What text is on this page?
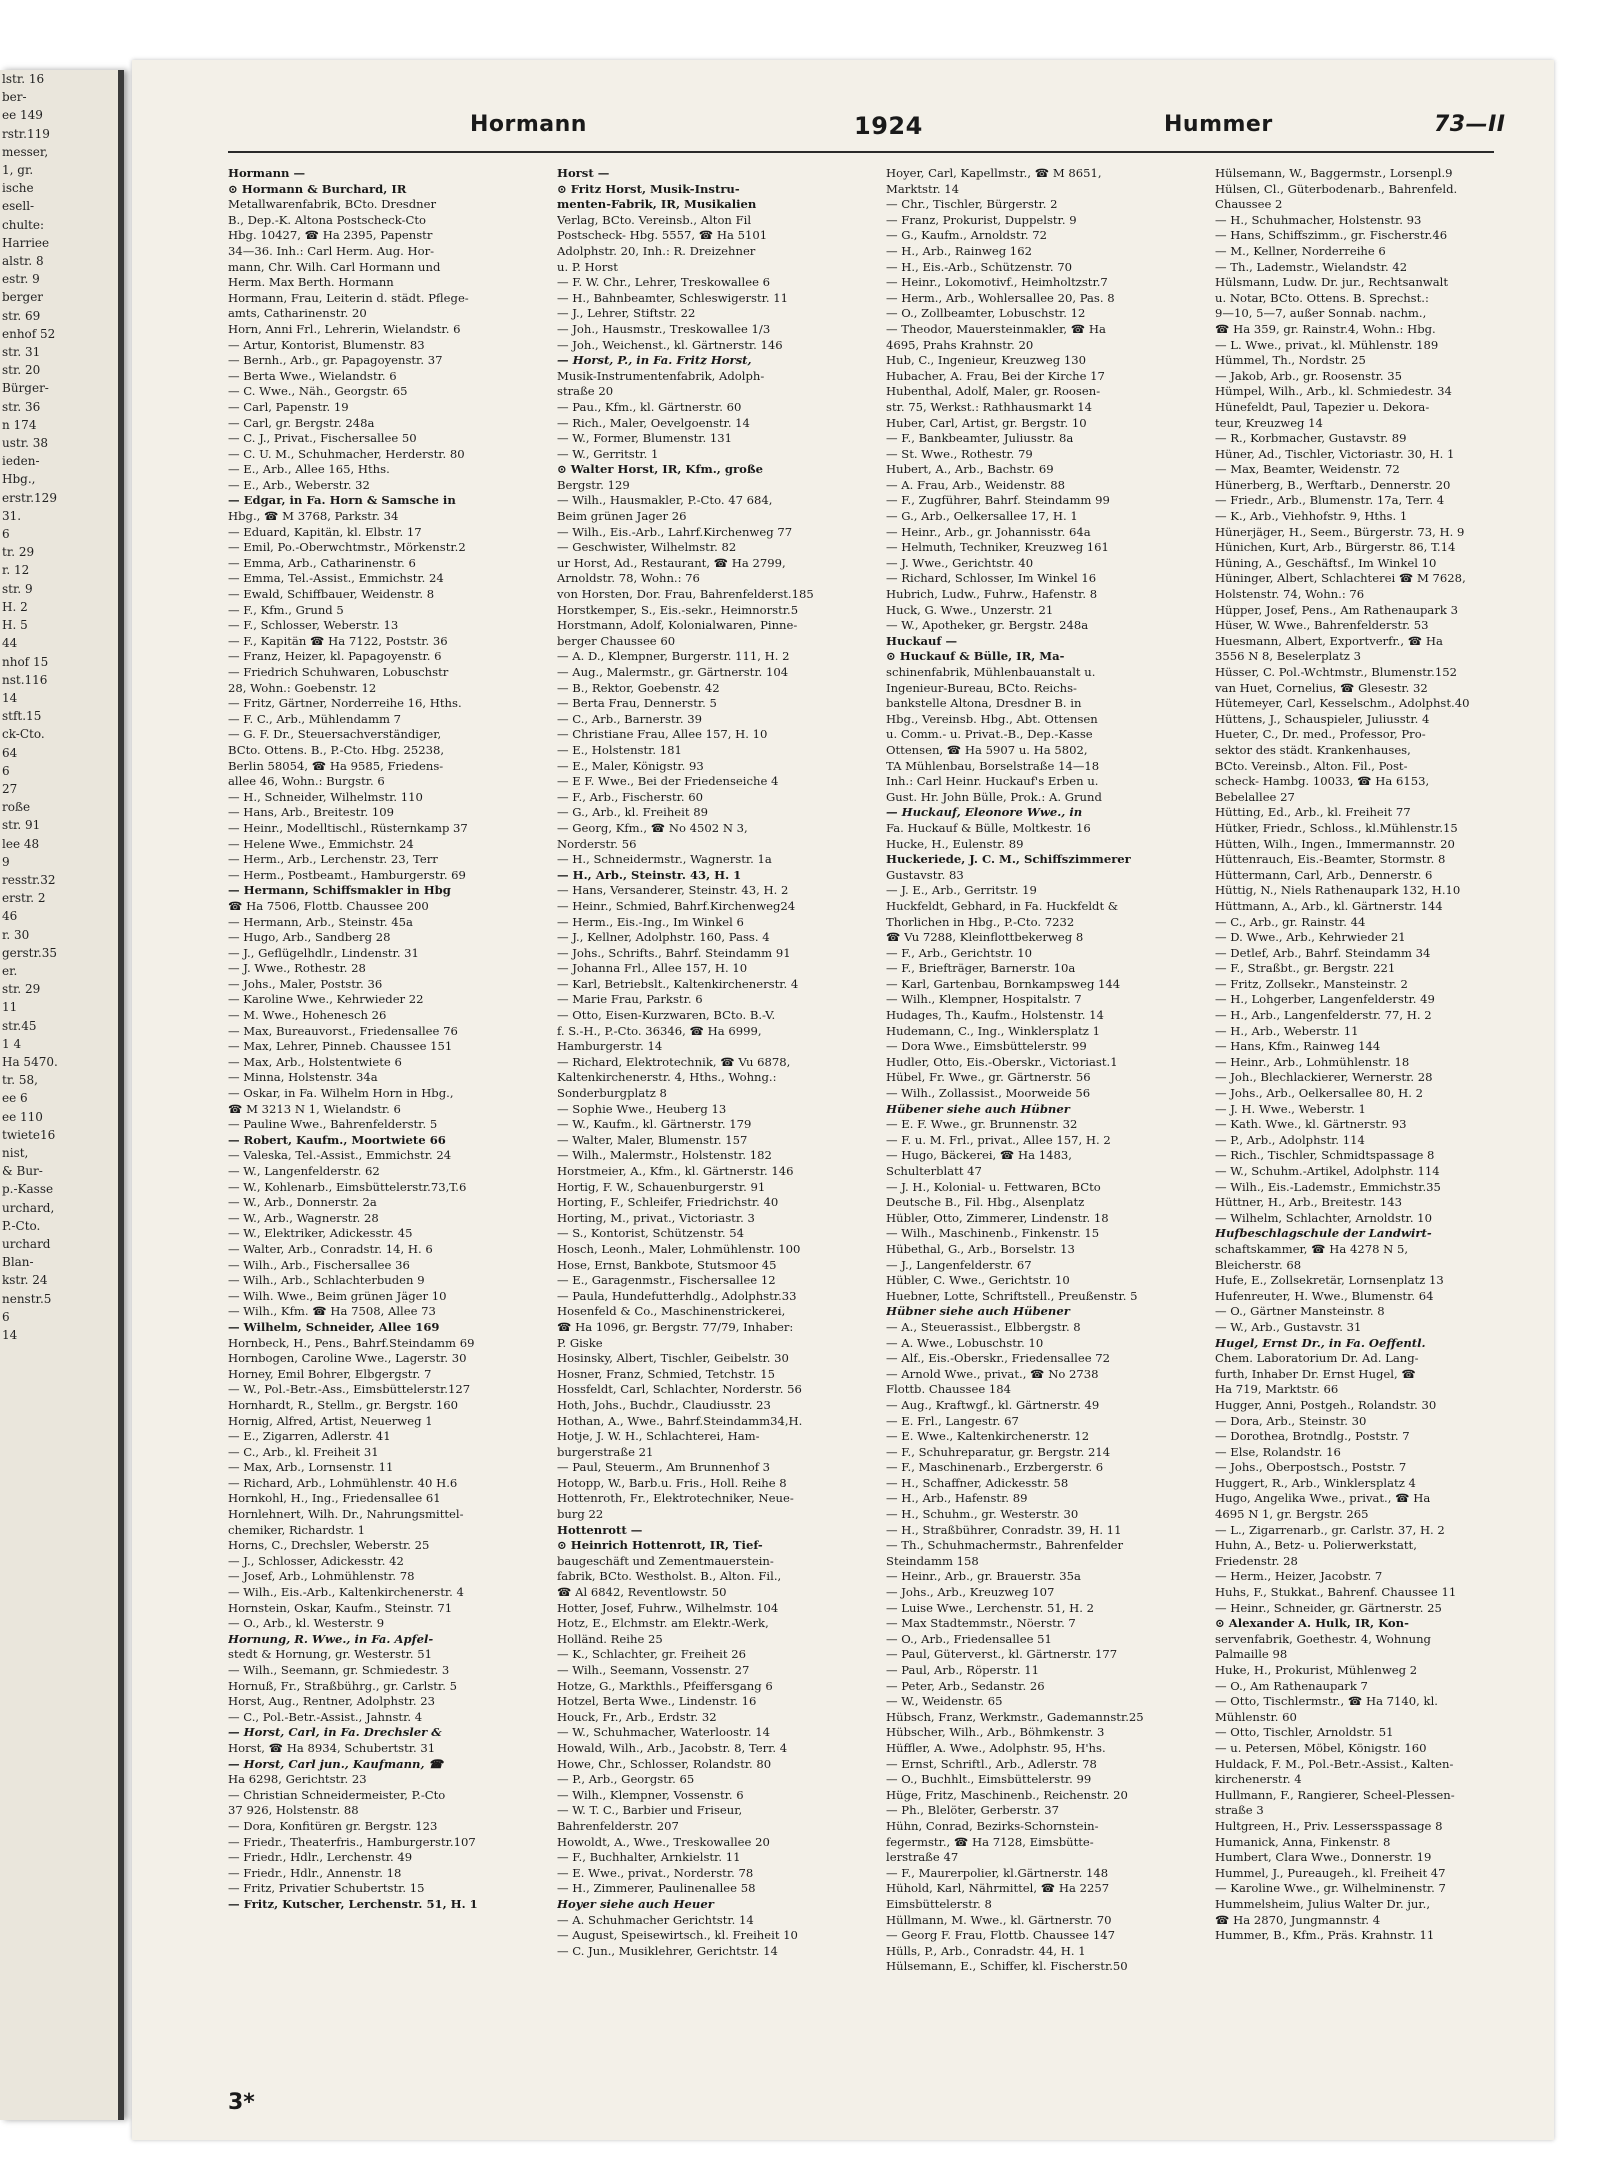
lstr. 16
ber-
ee 149
rstr.119
messer,
1, gr.
ische
esell-
chulte:
Harriee
alstr. 8
estr. 9
berger
str. 69
enhof 52
str. 31
str. 20
Bürger-
str. 36
n 174
ustr. 38
ieden-
Hbg.,
erstr.129
31.
6
tr. 29
r. 12
str. 9
H. 2
H. 5
44
nhof 15
nst.116
14
stft.15
ck-Cto.
64
6
27
roße
str. 91
lee 48
9
resstr.32
erstr. 2
46
r. 30
gerstr.35
er.
str. 29
11
str.45
1 4
Ha 5470.
tr. 58,
ee 6
ee 110
twiete16
nist,
& Bur-
p.-Kasse
urchard,
P.-Cto.
urchard
Blan-
kstr. 24
nenstr.5
6
14
Hormann	1924	Hummer	73—II
Hormann —
⊙ Hormann & Burchard, IR
Metallwarenfabrik, BCto. Dresdner
B., Dep.-K. Altona Postscheck-Cto
Hbg. 10427, ☎ Ha 2395, Papenstr
34—36. Inh.: Carl Herm. Aug. Hor-
mann, Chr. Wilh. Carl Hormann und
Herm. Max Berth. Hormann
Hormann, Frau, Leiterin d. städt. Pflege-
amts, Catharinenstr. 20
Horn, Anni Frl., Lehrerin, Wielandstr. 6
— Artur, Kontorist, Blumenstr. 83
— Bernh., Arb., gr. Papagoyenstr. 37
— Berta Wwe., Wielandstr. 6
— C. Wwe., Näh., Georgstr. 65
— Carl, Papenstr. 19
— Carl, gr. Bergstr. 248a
— C. J., Privat., Fischersallee 50
— C. U. M., Schuhmacher, Herderstr. 80
— E., Arb., Allee 165, Hths.
— E., Arb., Weberstr. 32
— Edgar, in Fa. Horn & Samsche in
Hbg., ☎ M 3768, Parkstr. 34
— Eduard, Kapitän, kl. Elbstr. 17
— Emil, Po.-Oberwchtmstr., Mörkenstr.2
— Emma, Arb., Catharinenstr. 6
— Emma, Tel.-Assist., Emmichstr. 24
— Ewald, Schiffbauer, Weidenstr. 8
— F., Kfm., Grund 5
— F., Schlosser, Weberstr. 13
— F., Kapitän ☎ Ha 7122, Poststr. 36
— Franz, Heizer, kl. Papagoyenstr. 6
— Friedrich Schuhwaren, Lobuschstr
28, Wohn.: Goebenstr. 12
— Fritz, Gärtner, Norderreihe 16, Hths.
— F. C., Arb., Mühlendamm 7
— G. F. Dr., Steuersachverständiger,
BCto. Ottens. B., P.-Cto. Hbg. 25238,
Berlin 58054, ☎ Ha 9585, Friedens-
allee 46, Wohn.: Burgstr. 6
— H., Schneider, Wilhelmstr. 110
— Hans, Arb., Breitestr. 109
— Heinr., Modelltischl., Rüsternkamp 37
— Helene Wwe., Emmichstr. 24
— Herm., Arb., Lerchenstr. 23, Terr
— Herm., Postbeamt., Hamburgerstr. 69
— Hermann, Schiffsmakler in Hbg
☎ Ha 7506, Flottb. Chaussee 200
— Hermann, Arb., Steinstr. 45a
— Hugo, Arb., Sandberg 28
— J., Geflügelhdlr., Lindenstr. 31
— J. Wwe., Rothestr. 28
— Johs., Maler, Poststr. 36
— Karoline Wwe., Kehrwieder 22
— M. Wwe., Hohenesch 26
— Max, Bureauvorst., Friedensallee 76
— Max, Lehrer, Pinneb. Chaussee 151
— Max, Arb., Holstentwiete 6
— Minna, Holstenstr. 34a
— Oskar, in Fa. Wilhelm Horn in Hbg.,
☎ M 3213 N 1, Wielandstr. 6
— Pauline Wwe., Bahrenfelderstr. 5
— Robert, Kaufm., Moortwiete 66
— Valeska, Tel.-Assist., Emmichstr. 24
— W., Langenfelderstr. 62
— W., Kohlenarb., Eimsbüttelerstr.73,T.6
— W., Arb., Donnerstr. 2a
— W., Arb., Wagnerstr. 28
— W., Elektriker, Adickesstr. 45
— Walter, Arb., Conradstr. 14, H. 6
— Wilh., Arb., Fischersallee 36
— Wilh., Arb., Schlachterbuden 9
— Wilh. Wwe., Beim grünen Jäger 10
— Wilh., Kfm. ☎ Ha 7508, Allee 73
— Wilhelm, Schneider, Allee 169
Hornbeck, H., Pens., Bahrf.Steindamm 69
Hornbogen, Caroline Wwe., Lagerstr. 30
Horney, Emil Bohrer, Elbgergstr. 7
— W., Pol.-Betr.-Ass., Eimsbüttelerstr.127
Hornhardt, R., Stellm., gr. Bergstr. 160
Hornig, Alfred, Artist, Neuerweg 1
— E., Zigarren, Adlerstr. 41
— C., Arb., kl. Freiheit 31
— Max, Arb., Lornsenstr. 11
— Richard, Arb., Lohmühlenstr. 40 H.6
Hornkohl, H., Ing., Friedensallee 61
Hornlehnert, Wilh. Dr., Nahrungsmittel-
chemiker, Richardstr. 1
Horns, C., Drechsler, Weberstr. 25
— J., Schlosser, Adickesstr. 42
— Josef, Arb., Lohmühlenstr. 78
— Wilh., Eis.-Arb., Kaltenkirchenerstr. 4
Hornstein, Oskar, Kaufm., Steinstr. 71
— O., Arb., kl. Westerstr. 9
Hornung, R. Wwe., in Fa. Apfel-
stedt & Hornung, gr. Westerstr. 51
— Wilh., Seemann, gr. Schmiedestr. 3
Hornuß, Fr., Straßbührg., gr. Carlstr. 5
Horst, Aug., Rentner, Adolphstr. 23
— C., Pol.-Betr.-Assist., Jahnstr. 4
— Horst, Carl, in Fa. Drechsler &
Horst, ☎ Ha 8934, Schubertstr. 31
— Horst, Carl jun., Kaufmann, ☎
Ha 6298, Gerichtstr. 23
— Christian Schneidermeister, P.-Cto
37 926, Holstenstr. 88
— Dora, Konfitüren gr. Bergstr. 123
— Friedr., Theaterfris., Hamburgerstr.107
— Friedr., Hdlr., Lerchenstr. 49
— Friedr., Hdlr., Annenstr. 18
— Fritz, Privatier Schubertstr. 15
— Fritz, Kutscher, Lerchenstr. 51, H. 1
Horst —
⊙ Fritz Horst, Musik-Instru-
menten-Fabrik, IR, Musikalien
Verlag, BCto. Vereinsb., Alton Fil
Postscheck- Hbg. 5557, ☎ Ha 5101
Adolphstr. 20, Inh.: R. Dreizehner
u. P. Horst
— F. W. Chr., Lehrer, Treskowallee 6
— H., Bahnbeamter, Schleswigerstr. 11
— J., Lehrer, Stiftstr. 22
— Joh., Hausmstr., Treskowallee 1/3
— Joh., Weichenst., kl. Gärtnerstr. 146
— Horst, P., in Fa. Fritz Horst,
Musik-Instrumentenfabrik, Adolph-
straße 20
— Pau., Kfm., kl. Gärtnerstr. 60
— Rich., Maler, Oevelgoenstr. 14
— W., Former, Blumenstr. 131
— W., Gerritstr. 1
⊙ Walter Horst, IR, Kfm., große
Bergstr. 129
— Wilh., Hausmakler, P.-Cto. 47 684,
Beim grünen Jager 26
— Wilh., Eis.-Arb., Lahrf.Kirchenweg 77
— Geschwister, Wilhelmstr. 82
ur Horst, Ad., Restaurant, ☎ Ha 2799,
Arnoldstr. 78, Wohn.: 76
von Horsten, Dor. Frau, Bahrenfelderst.185
Horstkemper, S., Eis.-sekr., Heimnorstr.5
Horstmann, Adolf, Kolonialwaren, Pinne-
berger Chaussee 60
— A. D., Klempner, Burgerstr. 111, H. 2
— Aug., Malermstr., gr. Gärtnerstr. 104
— B., Rektor, Goebenstr. 42
— Berta Frau, Dennerstr. 5
— C., Arb., Barnerstr. 39
— Christiane Frau, Allee 157, H. 10
— E., Holstenstr. 181
— E., Maler, Königstr. 93
— E F. Wwe., Bei der Friedenseiche 4
— F., Arb., Fischerstr. 60
— G., Arb., kl. Freiheit 89
— Georg, Kfm., ☎ No 4502 N 3,
Norderstr. 56
— H., Schneidermstr., Wagnerstr. 1a
— H., Arb., Steinstr. 43, H. 1
— Hans, Versanderer, Steinstr. 43, H. 2
— Heinr., Schmied, Bahrf.Kirchenweg24
— Herm., Eis.-Ing., Im Winkel 6
— J., Kellner, Adolphstr. 160, Pass. 4
— Johs., Schrifts., Bahrf. Steindamm 91
— Johanna Frl., Allee 157, H. 10
— Karl, Betriebslt., Kaltenkirchenerstr. 4
— Marie Frau, Parkstr. 6
— Otto, Eisen-Kurzwaren, BCto. B.-V.
f. S.-H., P.-Cto. 36346, ☎ Ha 6999,
Hamburgerstr. 14
— Richard, Elektrotechnik, ☎ Vu 6878,
Kaltenkirchenerstr. 4, Hths., Wohng.:
Sonderburgplatz 8
— Sophie Wwe., Heuberg 13
— W., Kaufm., kl. Gärtnerstr. 179
— Walter, Maler, Blumenstr. 157
— Wilh., Malermstr., Holstenstr. 182
Horstmeier, A., Kfm., kl. Gärtnerstr. 146
Hortig, F. W., Schauenburgerstr. 91
Horting, F., Schleifer, Friedrichstr. 40
Horting, M., privat., Victoriastr. 3
— S., Kontorist, Schützenstr. 54
Hosch, Leonh., Maler, Lohmühlenstr. 100
Hose, Ernst, Bankbote, Stutsmoor 45
— E., Garagenmstr., Fischersallee 12
— Paula, Hundefutterhdlg., Adolphstr.33
Hosenfeld & Co., Maschinenstrickerei,
☎ Ha 1096, gr. Bergstr. 77/79, Inhaber:
P. Giske
Hosinsky, Albert, Tischler, Geibelstr. 30
Hosner, Franz, Schmied, Tetchstr. 15
Hossfeldt, Carl, Schlachter, Norderstr. 56
Hoth, Johs., Buchdr., Claudiusstr. 23
Hothan, A., Wwe., Bahrf.Steindamm34,H.
Hotje, J. W. H., Schlachterei, Ham-
burgerstraße 21
— Paul, Steuerm., Am Brunnenhof 3
Hotopp, W., Barb.u. Fris., Holl. Reihe 8
Hottenroth, Fr., Elektrotechniker, Neue-
burg 22
Hottenrott —
⊙ Heinrich Hottenrott, IR, Tief-
baugeschäft und Zementmauerstein-
fabrik, BCto. Westholst. B., Alton. Fil.,
☎ Al 6842, Reventlowstr. 50
Hotter, Josef, Fuhrw., Wilhelmstr. 104
Hotz, E., Elchmstr. am Elektr.-Werk,
Holländ. Reihe 25
— K., Schlachter, gr. Freiheit 26
— Wilh., Seemann, Vossenstr. 27
Hotze, G., Markthls., Pfeiffersgang 6
Hotzel, Berta Wwe., Lindenstr. 16
Houck, Fr., Arb., Erdstr. 32
— W., Schuhmacher, Waterloostr. 14
Howald, Wilh., Arb., Jacobstr. 8, Terr. 4
Howe, Chr., Schlosser, Rolandstr. 80
— P., Arb., Georgstr. 65
— Wilh., Klempner, Vossenstr. 6
— W. T. C., Barbier und Friseur,
Bahrenfelderstr. 207
Howoldt, A., Wwe., Treskowallee 20
— F., Buchhalter, Arnkielstr. 11
— E. Wwe., privat., Norderstr. 78
— H., Zimmerer, Paulinenallee 58
Hoyer siehe auch Heuer
— A. Schuhmacher Gerichtstr. 14
— August, Speisewirtsch., kl. Freiheit 10
— C. Jun., Musiklehrer, Gerichtstr. 14
Hoyer, Carl, Kapellmstr., ☎ M 8651,
Marktstr. 14
— Chr., Tischler, Bürgerstr. 2
— Franz, Prokurist, Duppelstr. 9
— G., Kaufm., Arnoldstr. 72
— H., Arb., Rainweg 162
— H., Eis.-Arb., Schützenstr. 70
— Heinr., Lokomotivf., Heimholtzstr.7
— Herm., Arb., Wohlersallee 20, Pas. 8
— O., Zollbeamter, Lobuschstr. 12
— Theodor, Mauersteinmakler, ☎ Ha
4695, Prahs Krahnstr. 20
Hub, C., Ingenieur, Kreuzweg 130
Hubacher, A. Frau, Bei der Kirche 17
Hubenthal, Adolf, Maler, gr. Roosen-
str. 75, Werkst.: Rathhausmarkt 14
Huber, Carl, Artist, gr. Bergstr. 10
— F., Bankbeamter, Juliusstr. 8a
— St. Wwe., Rothestr. 79
Hubert, A., Arb., Bachstr. 69
— A. Frau, Arb., Weidenstr. 88
— F., Zugführer, Bahrf. Steindamm 99
— G., Arb., Oelkersallee 17, H. 1
— Heinr., Arb., gr. Johannisstr. 64a
— Helmuth, Techniker, Kreuzweg 161
— J. Wwe., Gerichtstr. 40
— Richard, Schlosser, Im Winkel 16
Hubrich, Ludw., Fuhrw., Hafenstr. 8
Huck, G. Wwe., Unzerstr. 21
— W., Apotheker, gr. Bergstr. 248a
Huckauf —
⊙ Huckauf & Bülle, IR, Ma-
schinenfabrik, Mühlenbauanstalt u.
Ingenieur-Bureau, BCto. Reichs-
bankstelle Altona, Dresdner B. in
Hbg., Vereinsb. Hbg., Abt. Ottensen
u. Comm.- u. Privat.-B., Dep.-Kasse
Ottensen, ☎ Ha 5907 u. Ha 5802,
TA Mühlenbau, Borselstraße 14—18
Inh.: Carl Heinr. Huckauf's Erben u.
Gust. Hr. John Bülle, Prok.: A. Grund
— Huckauf, Eleonore Wwe., in
Fa. Huckauf & Bülle, Moltkestr. 16
Hucke, H., Eulenstr. 89
Huckeriede, J. C. M., Schiffszimmerer
Gustavstr. 83
— J. E., Arb., Gerritstr. 19
Huckfeldt, Gebhard, in Fa. Huckfeldt &
Thorlichen in Hbg., P.-Cto. 7232
☎ Vu 7288, Kleinflottbekerweg 8
— F., Arb., Gerichtstr. 10
— F., Briefträger, Barnerstr. 10a
— Karl, Gartenbau, Bornkampsweg 144
— Wilh., Klempner, Hospitalstr. 7
Hudages, Th., Kaufm., Holstenstr. 14
Hudemann, C., Ing., Winklersplatz 1
— Dora Wwe., Eimsbüttelerstr. 99
Hudler, Otto, Eis.-Oberskr., Victoriast.1
Hübel, Fr. Wwe., gr. Gärtnerstr. 56
— Wilh., Zollassist., Moorweide 56
Hübener siehe auch Hübner
— E. F. Wwe., gr. Brunnenstr. 32
— F. u. M. Frl., privat., Allee 157, H. 2
— Hugo, Bäckerei, ☎ Ha 1483,
Schulterblatt 47
— J. H., Kolonial- u. Fettwaren, BCto
Deutsche B., Fil. Hbg., Alsenplatz
Hübler, Otto, Zimmerer, Lindenstr. 18
— Wilh., Maschinenb., Finkenstr. 15
Hübethal, G., Arb., Borselstr. 13
— J., Langenfelderstr. 67
Hübler, C. Wwe., Gerichtstr. 10
Huebner, Lotte, Schriftstell., Preußenstr. 5
Hübner siehe auch Hübener
— A., Steuerassist., Elbbergstr. 8
— A. Wwe., Lobuschstr. 10
— Alf., Eis.-Oberskr., Friedensallee 72
— Arnold Wwe., privat., ☎ No 2738
Flottb. Chaussee 184
— Aug., Kraftwgf., kl. Gärtnerstr. 49
— E. Frl., Langestr. 67
— E. Wwe., Kaltenkirchenerstr. 12
— F., Schuhreparatur, gr. Bergstr. 214
— F., Maschinenarb., Erzbergerstr. 6
— H., Schaffner, Adickesstr. 58
— H., Arb., Hafenstr. 89
— H., Schuhm., gr. Westerstr. 30
— H., Straßbührer, Conradstr. 39, H. 11
— Th., Schuhmachermstr., Bahrenfelder
Steindamm 158
— Heinr., Arb., gr. Brauerstr. 35a
— Johs., Arb., Kreuzweg 107
— Luise Wwe., Lerchenstr. 51, H. 2
— Max Stadtemmstr., Nöerstr. 7
— O., Arb., Friedensallee 51
— Paul, Güterverst., kl. Gärtnerstr. 177
— Paul, Arb., Röperstr. 11
— Peter, Arb., Sedanstr. 26
— W., Weidenstr. 65
Hübsch, Franz, Werkmstr., Gademannstr.25
Hübscher, Wilh., Arb., Böhmkenstr. 3
Hüffler, A. Wwe., Adolphstr. 95, H'hs.
— Ernst, Schriftl., Arb., Adlerstr. 78
— O., Buchhlt., Eimsbüttelerstr. 99
Hüge, Fritz, Maschinenb., Reichenstr. 20
— Ph., Blelöter, Gerberstr. 37
Hühn, Conrad, Bezirks-Schornstein-
fegermstr., ☎ Ha 7128, Eimsbütte-
lerstraße 47
— F., Maurerpolier, kl.Gärtnerstr. 148
Hühold, Karl, Nährmittel, ☎ Ha 2257
Eimsbüttelerstr. 8
Hüllmann, M. Wwe., kl. Gärtnerstr. 70
— Georg F. Frau, Flottb. Chaussee 147
Hülls, P., Arb., Conradstr. 44, H. 1
Hülsemann, E., Schiffer, kl. Fischerstr.50
Hülsemann, W., Baggermstr., Lorsenpl.9
Hülsen, Cl., Güterbodenarb., Bahrenfeld.
Chaussee 2
— H., Schuhmacher, Holstenstr. 93
— Hans, Schiffszimm., gr. Fischerstr.46
— M., Kellner, Norderreihe 6
— Th., Lademstr., Wielandstr. 42
Hülsmann, Ludw. Dr. jur., Rechtsanwalt
u. Notar, BCto. Ottens. B. Sprechst.:
9—10, 5—7, außer Sonnab. nachm.,
☎ Ha 359, gr. Rainstr.4, Wohn.: Hbg.
— L. Wwe., privat., kl. Mühlenstr. 189
Hümmel, Th., Nordstr. 25
— Jakob, Arb., gr. Roosenstr. 35
Hümpel, Wilh., Arb., kl. Schmiedestr. 34
Hünefeldt, Paul, Tapezier u. Dekora-
teur, Kreuzweg 14
— R., Korbmacher, Gustavstr. 89
Hüner, Ad., Tischler, Victoriastr. 30, H. 1
— Max, Beamter, Weidenstr. 72
Hünerberg, B., Werftarb., Dennerstr. 20
— Friedr., Arb., Blumenstr. 17a, Terr. 4
— K., Arb., Viehhofstr. 9, Hths. 1
Hünerjäger, H., Seem., Bürgerstr. 73, H. 9
Hünichen, Kurt, Arb., Bürgerstr. 86, T.14
Hüning, A., Geschäftsf., Im Winkel 10
Hüninger, Albert, Schlachterei ☎ M 7628,
Holstenstr. 74, Wohn.: 76
Hüpper, Josef, Pens., Am Rathenaupark 3
Hüser, W. Wwe., Bahrenfelderstr. 53
Huesmann, Albert, Exportverfr., ☎ Ha
3556 N 8, Beselerplatz 3
Hüsser, C. Pol.-Wchtmstr., Blumenstr.152
van Huet, Cornelius, ☎ Glesestr. 32
Hütemeyer, Carl, Kesselschm., Adolphst.40
Hüttens, J., Schauspieler, Juliusstr. 4
Hueter, C., Dr. med., Professor, Pro-
sektor des städt. Krankenhauses,
BCto. Vereinsb., Alton. Fil., Post-
scheck- Hambg. 10033, ☎ Ha 6153,
Bebelallee 27
Hütting, Ed., Arb., kl. Freiheit 77
Hütker, Friedr., Schloss., kl.Mühlenstr.15
Hütten, Wilh., Ingen., Immermannstr. 20
Hüttenrauch, Eis.-Beamter, Stormstr. 8
Hüttermann, Carl, Arb., Dennerstr. 6
Hüttig, N., Niels Rathenaupark 132, H.10
Hüttmann, A., Arb., kl. Gärtnerstr. 144
— C., Arb., gr. Rainstr. 44
— D. Wwe., Arb., Kehrwieder 21
— Detlef, Arb., Bahrf. Steindamm 34
— F., Straßbt., gr. Bergstr. 221
— Fritz, Zollsekr., Mansteinstr. 2
— H., Lohgerber, Langenfelderstr. 49
— H., Arb., Langenfelderstr. 77, H. 2
— H., Arb., Weberstr. 11
— Hans, Kfm., Rainweg 144
— Heinr., Arb., Lohmühlenstr. 18
— Joh., Blechlackierer, Wernerstr. 28
— Johs., Arb., Oelkersallee 80, H. 2
— J. H. Wwe., Weberstr. 1
— Kath. Wwe., kl. Gärtnerstr. 93
— P., Arb., Adolphstr. 114
— Rich., Tischler, Schmidtspassage 8
— W., Schuhm.-Artikel, Adolphstr. 114
— Wilh., Eis.-Lademstr., Emmichstr.35
Hüttner, H., Arb., Breitestr. 143
— Wilhelm, Schlachter, Arnoldstr. 10
Hufbeschlagschule der Landwirt-
schaftskammer, ☎ Ha 4278 N 5,
Bleicherstr. 68
Hufe, E., Zollsekretär, Lornsenplatz 13
Hufenreuter, H. Wwe., Blumenstr. 64
— O., Gärtner Mansteinstr. 8
— W., Arb., Gustavstr. 31
Hugel, Ernst Dr., in Fa. Oeffentl.
Chem. Laboratorium Dr. Ad. Lang-
furth, Inhaber Dr. Ernst Hugel, ☎
Ha 719, Marktstr. 66
Hugger, Anni, Postgeh., Rolandstr. 30
— Dora, Arb., Steinstr. 30
— Dorothea, Brotndlg., Poststr. 7
— Else, Rolandstr. 16
— Johs., Oberpostsch., Poststr. 7
Huggert, R., Arb., Winklersplatz 4
Hugo, Angelika Wwe., privat., ☎ Ha
4695 N 1, gr. Bergstr. 265
— L., Zigarrenarb., gr. Carlstr. 37, H. 2
Huhn, A., Betz- u. Polierwerkstatt,
Friedenstr. 28
— Herm., Heizer, Jacobstr. 7
Huhs, F., Stukkat., Bahrenf. Chaussee 11
— Heinr., Schneider, gr. Gärtnerstr. 25
⊙ Alexander A. Hulk, IR, Kon-
servenfabrik, Goethestr. 4, Wohnung
Palmaille 98
Huke, H., Prokurist, Mühlenweg 2
— O., Am Rathenaupark 7
— Otto, Tischlermstr., ☎ Ha 7140, kl.
Mühlenstr. 60
— Otto, Tischler, Arnoldstr. 51
— u. Petersen, Möbel, Königstr. 160
Huldack, F. M., Pol.-Betr.-Assist., Kalten-
kirchenerstr. 4
Hullmann, F., Rangierer, Scheel-Plessen-
straße 3
Hultgreen, H., Priv. Lessersspassage 8
Humanick, Anna, Finkenstr. 8
Humbert, Clara Wwe., Donnerstr. 19
Hummel, J., Pureaugeh., kl. Freiheit 47
— Karoline Wwe., gr. Wilhelminenstr. 7
Hummelsheim, Julius Walter Dr. jur.,
☎ Ha 2870, Jungmannstr. 4
Hummer, B., Kfm., Präs. Krahnstr. 11
3*
